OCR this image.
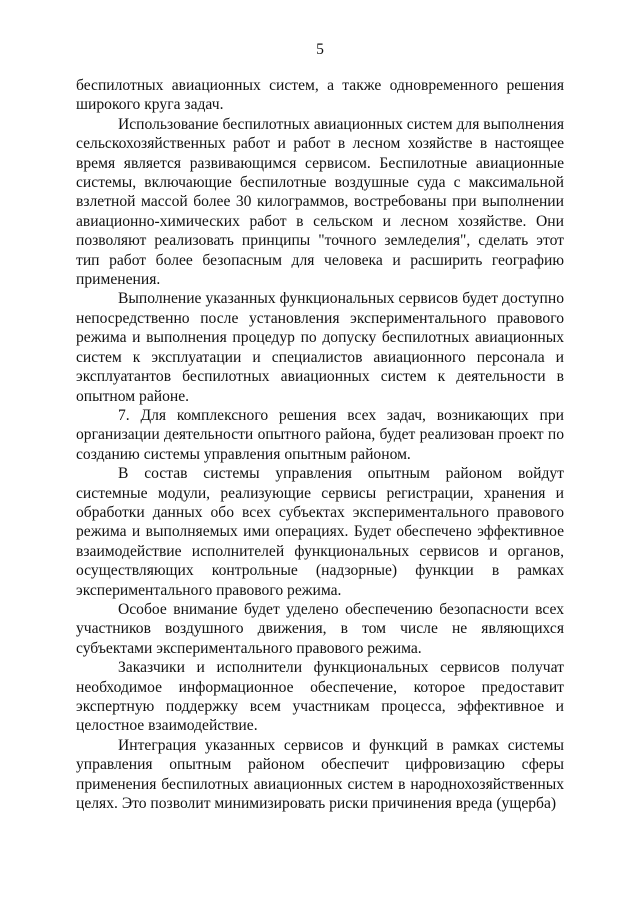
5

беспилотных авиационных систем, а также одновременного решения широкого круга задач.

Использование беспилотных авиационных систем для выполнения сельскохозяйственных работ и работ в лесном хозяйстве в настоящее время является развивающимся сервисом. Беспилотные авиационные системы, включающие беспилотные воздушные суда с максимальной взлетной массой более 30 килограммов, востребованы при выполнении авиационно-химических работ в сельском и лесном хозяйстве. Они позволяют реализовать принципы "точного земледелия", сделать этот тип работ более безопасным для человека и расширить географию применения.

Выполнение указанных функциональных сервисов будет доступно непосредственно после установления экспериментального правового режима и выполнения процедур по допуску беспилотных авиационных систем к эксплуатации и специалистов авиационного персонала и эксплуатантов беспилотных авиационных систем к деятельности в опытном районе.

7. Для комплексного решения всех задач, возникающих при организации деятельности опытного района, будет реализован проект по созданию системы управления опытным районом.

В состав системы управления опытным районом войдут системные модули, реализующие сервисы регистрации, хранения и обработки данных обо всех субъектах экспериментального правового режима и выполняемых ими операциях. Будет обеспечено эффективное взаимодействие исполнителей функциональных сервисов и органов, осуществляющих контрольные (надзорные) функции в рамках экспериментального правового режима.

Особое внимание будет уделено обеспечению безопасности всех участников воздушного движения, в том числе не являющихся субъектами экспериментального правового режима.

Заказчики и исполнители функциональных сервисов получат необходимое информационное обеспечение, которое предоставит экспертную поддержку всем участникам процесса, эффективное и целостное взаимодействие.

Интеграция указанных сервисов и функций в рамках системы управления опытным районом обеспечит цифровизацию сферы применения беспилотных авиационных систем в народнохозяйственных целях. Это позволит минимизировать риски причинения вреда (ущерба)
